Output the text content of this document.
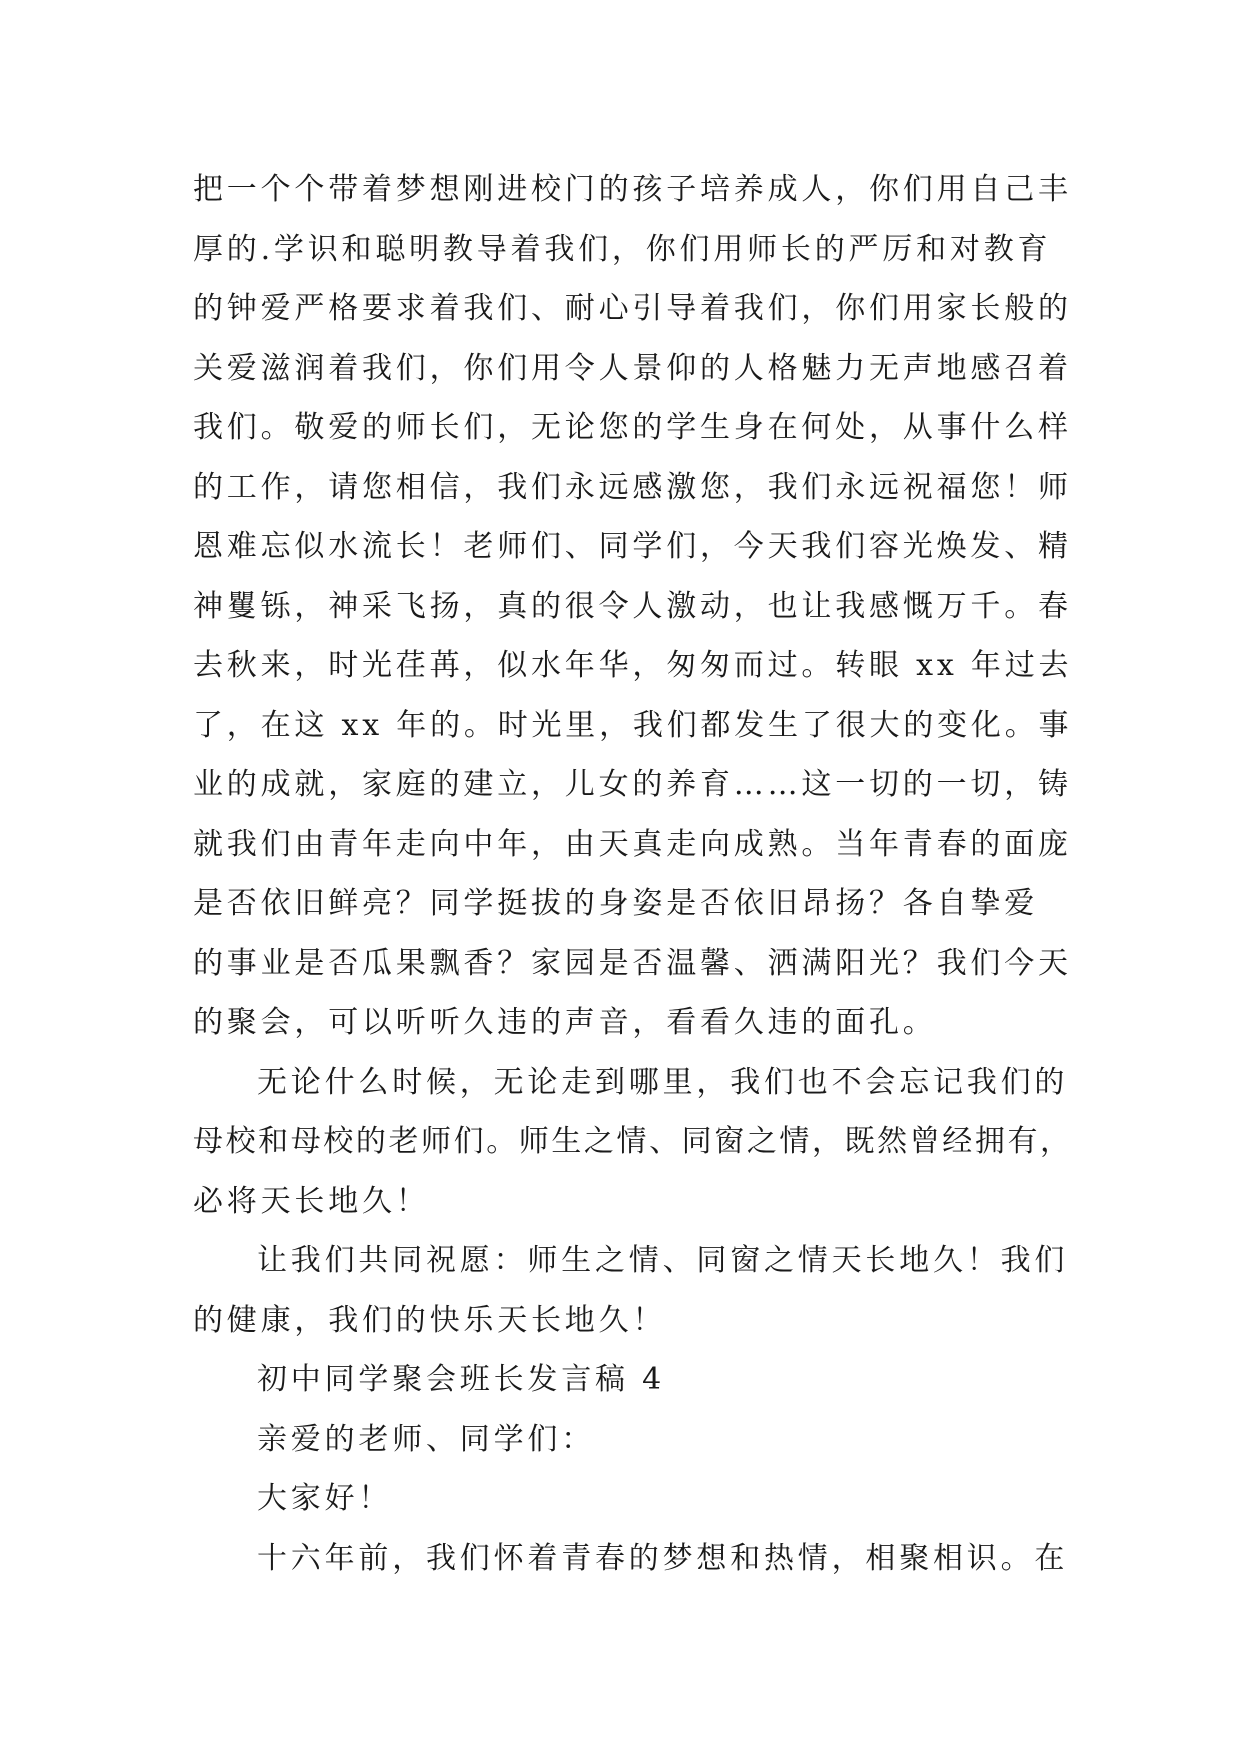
把一个个带着梦想刚进校门的孩子培养成人，你们用自己丰
厚的.学识和聪明教导着我们，你们用师长的严厉和对教育
的钟爱严格要求着我们、耐心引导着我们，你们用家长般的
关爱滋润着我们，你们用令人景仰的人格魅力无声地感召着
我们。敬爱的师长们，无论您的学生身在何处，从事什么样
的工作，请您相信，我们永远感激您，我们永远祝福您！师
恩难忘似水流长！老师们、同学们，今天我们容光焕发、精
神矍铄，神采飞扬，真的很令人激动，也让我感慨万千。春
去秋来，时光荏苒，似水年华，匆匆而过。转眼 xx 年过去
了，在这 xx 年的。时光里，我们都发生了很大的变化。事
业的成就，家庭的建立，儿女的养育……这一切的一切，铸
就我们由青年走向中年，由天真走向成熟。当年青春的面庞
是否依旧鲜亮？同学挺拔的身姿是否依旧昂扬？各自挚爱
的事业是否瓜果飘香？家园是否温馨、洒满阳光？我们今天
的聚会，可以听听久违的声音，看看久违的面孔。
无论什么时候，无论走到哪里，我们也不会忘记我们的
母校和母校的老师们。师生之情、同窗之情，既然曾经拥有，
必将天长地久！
让我们共同祝愿：师生之情、同窗之情天长地久！我们
的健康，我们的快乐天长地久！
初中同学聚会班长发言稿 4
亲爱的老师、同学们：
大家好！
十六年前，我们怀着青春的梦想和热情，相聚相识。在
